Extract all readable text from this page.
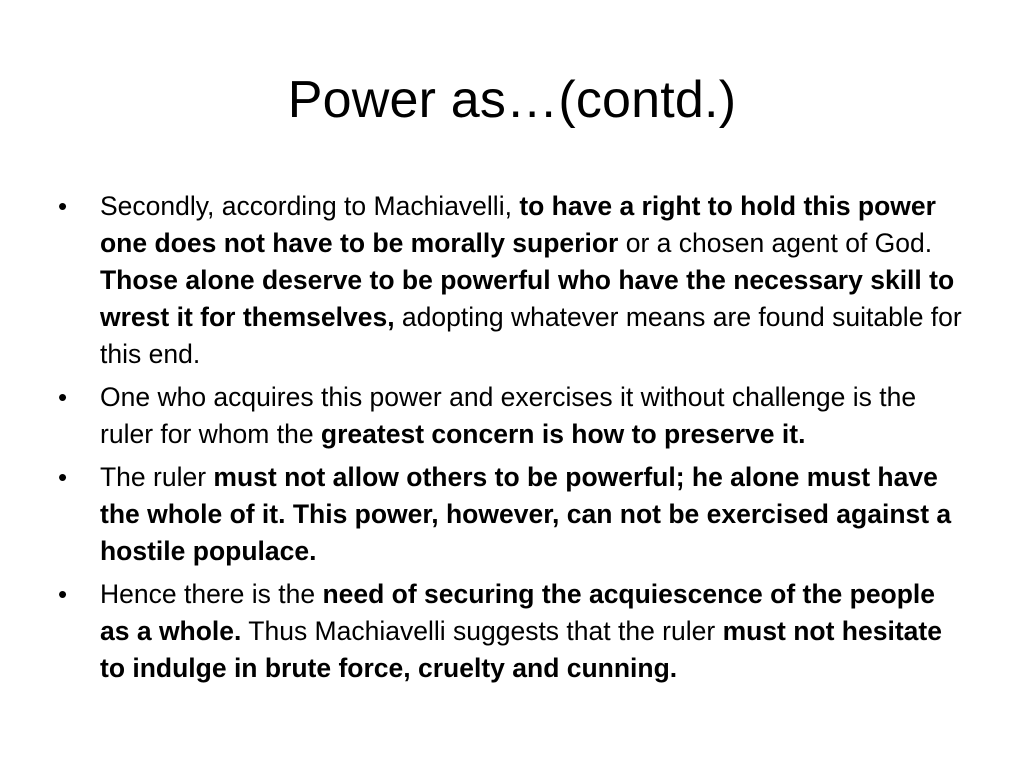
Power as…(contd.)
• Secondly, according to Machiavelli, to have a right to hold this power one does not have to be morally superior or a chosen agent of God. Those alone deserve to be powerful who have the necessary skill to wrest it for themselves, adopting whatever means are found suitable for this end.
• One who acquires this power and exercises it without challenge is the ruler for whom the greatest concern is how to preserve it.
• The ruler must not allow others to be powerful; he alone must have the whole of it. This power, however, can not be exercised against a hostile populace.
• Hence there is the need of securing the acquiescence of the people as a whole. Thus Machiavelli suggests that the ruler must not hesitate to indulge in brute force, cruelty and cunning.
